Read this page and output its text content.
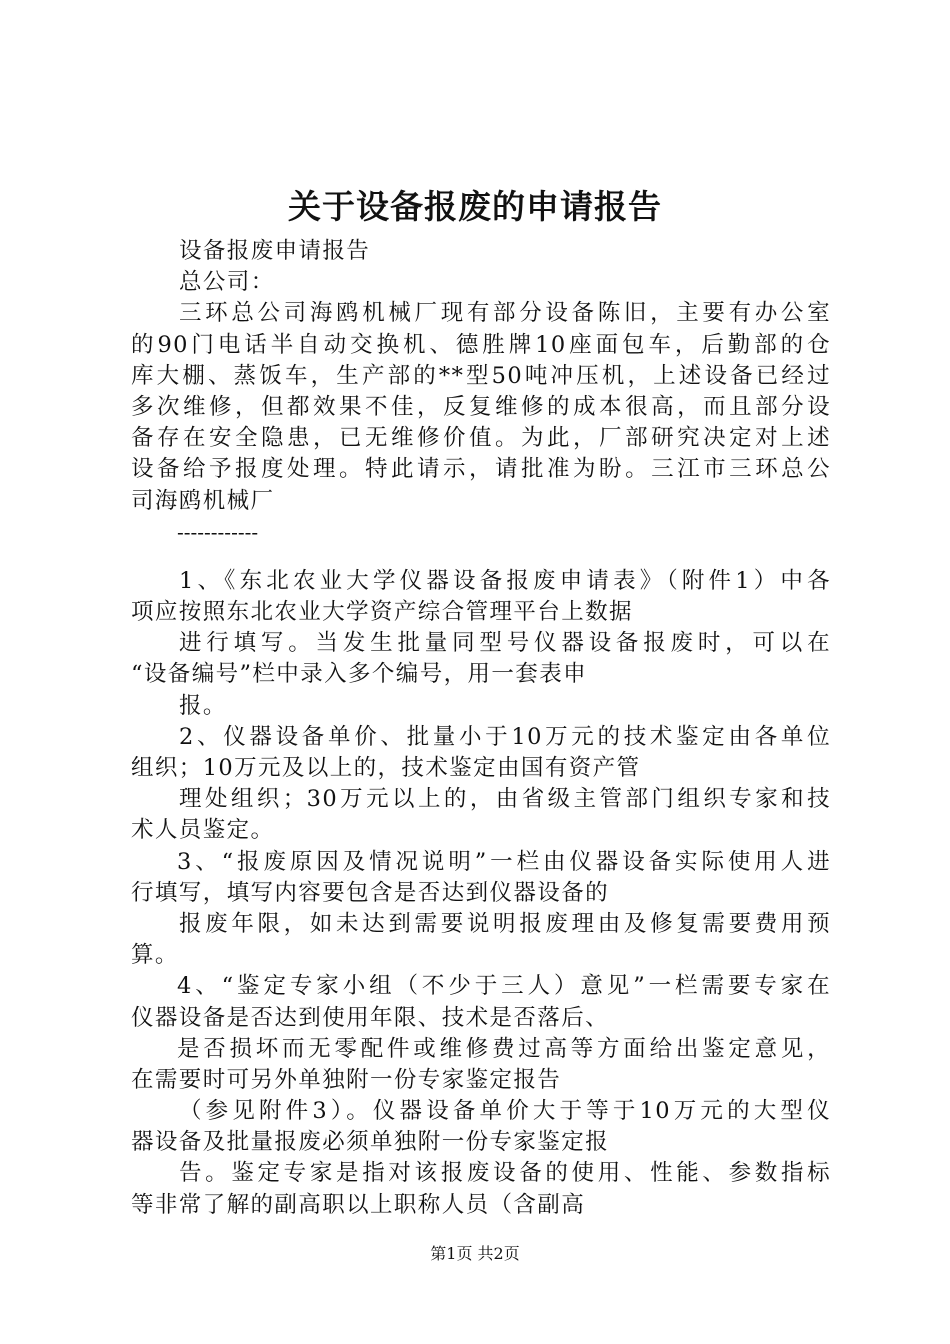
关于设备报废的申请报告
设备报废申请报告
总公司：
三环总公司海鸥机械厂现有部分设备陈旧，主要有办公室
的90门电话半自动交换机、德胜牌10座面包车，后勤部的仓
库大棚、蒸饭车，生产部的**型50吨冲压机，上述设备已经过
多次维修，但都效果不佳，反复维修的成本很高，而且部分设
备存在安全隐患，已无维修价值。为此，厂部研究决定对上述
设备给予报度处理。特此请示，请批准为盼。三江市三环总公
司海鸥机械厂
------------
1、《东北农业大学仪器设备报废申请表》（附件1）中各
项应按照东北农业大学资产综合管理平台上数据
进行填写。当发生批量同型号仪器设备报废时，可以在
“设备编号”栏中录入多个编号，用一套表申
报。
2、仪器设备单价、批量小于10万元的技术鉴定由各单位
组织；10万元及以上的，技术鉴定由国有资产管
理处组织；30万元以上的，由省级主管部门组织专家和技
术人员鉴定。
3、“报废原因及情况说明”一栏由仪器设备实际使用人进
行填写，填写内容要包含是否达到仪器设备的
报废年限，如未达到需要说明报废理由及修复需要费用预
算。
4、“鉴定专家小组（不少于三人）意见”一栏需要专家在
仪器设备是否达到使用年限、技术是否落后、
是否损坏而无零配件或维修费过高等方面给出鉴定意见，
在需要时可另外单独附一份专家鉴定报告
（参见附件3）。仪器设备单价大于等于10万元的大型仪
器设备及批量报废必须单独附一份专家鉴定报
告。鉴定专家是指对该报废设备的使用、性能、参数指标
等非常了解的副高职以上职称人员（含副高
第1页 共2页
